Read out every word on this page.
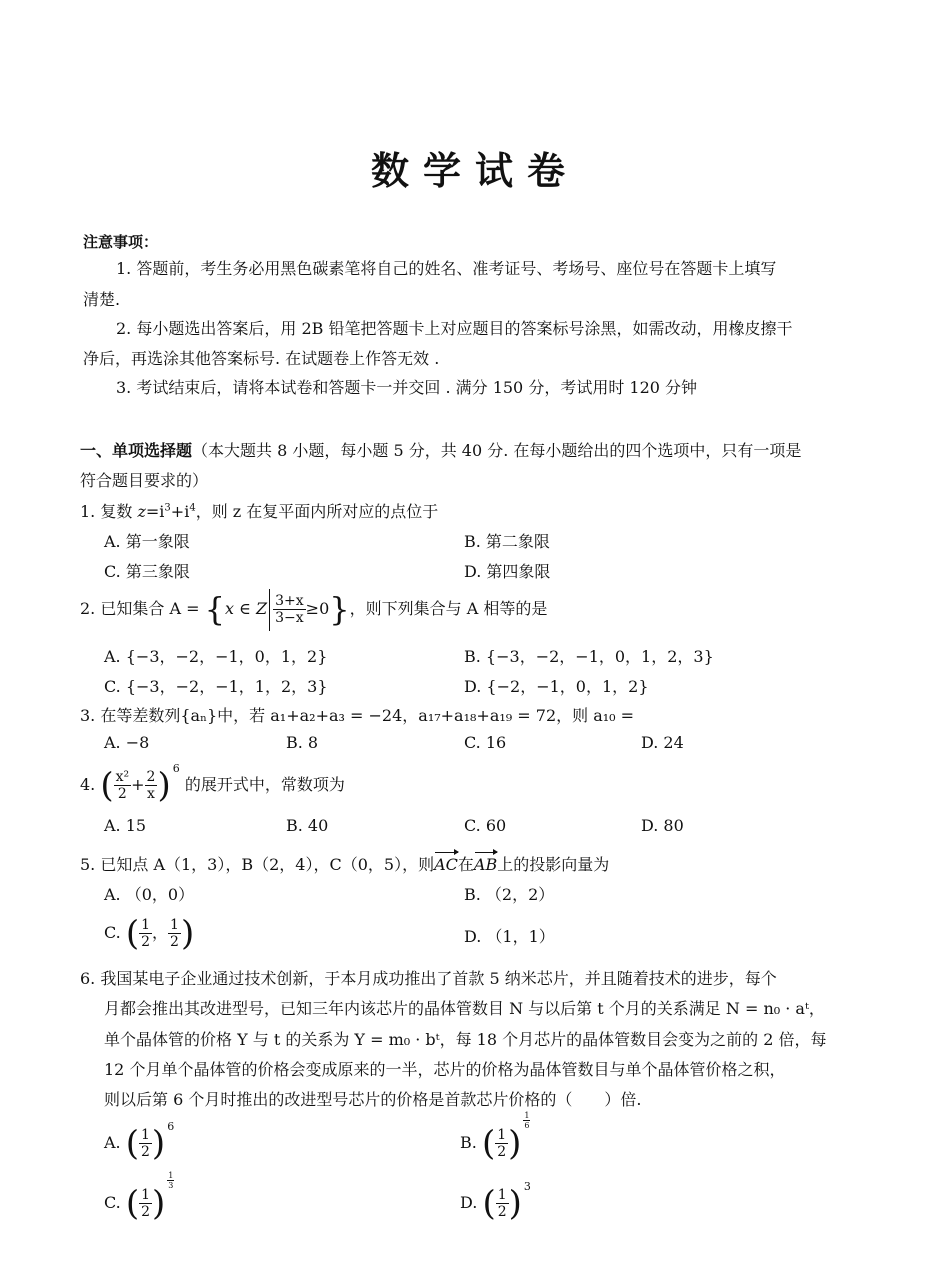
数学试卷
注意事项：
1. 答题前，考生务必用黑色碳素笔将自己的姓名、准考证号、考场号、座位号在答题卡上填写
清楚.
2. 每小题选出答案后，用 2B 铅笔把答题卡上对应题目的答案标号涂黑，如需改动，用橡皮擦干
净后，再选涂其他答案标号. 在试题卷上作答无效 .
3. 考试结束后，请将本试卷和答题卡一并交回 . 满分 150 分，考试用时 120 分钟
一、单项选择题（本大题共 8 小题，每小题 5 分，共 40 分. 在每小题给出的四个选项中，只有一项是
符合题目要求的）
1. 复数 $z=i^3+i^4$，则 z 在复平面内所对应的点位于
A. 第一象限	B. 第二象限
C. 第三象限	D. 第四象限
2. 已知集合 A = {x ∈ Z $\frac{3+x}{3-x} \ge 0$}，则下列集合与 A 相等的是
A. {−3，−2，−1，0，1，2}	B. {−3，−2，−1，0，1，2，3}
C. {−3，−2，−1，1，2，3}	D. {−2，−1，0，1，2}
3. 在等差数列{aₙ}中，若 a₁+a₂+a₃ = −24，a₁₇+a₁₈+a₁₉ = 72，则 a₁₀ =
A. −8	B. 8	C. 16	D. 24
4. ( $\frac{\text{x²}}{2} + \frac{2}{x}$ ) $^6$ 的展开式中，常数项为
A. 15	B. 40	C. 60	D. 80
5. 已知点 A（1，3），B（2，4），C（0，5），则AC在AB上的投影向量为
A. （0，0）	B. （2，2）
C. ( $\frac{1}{2}$ ， $\frac{1}{2}$ )	D. （1，1）
6. 我国某电子企业通过技术创新，于本月成功推出了首款 5 纳米芯片，并且随着技术的进步，每个
月都会推出其改进型号，已知三年内该芯片的晶体管数目 N 与以后第 t 个月的关系满足 N = n₀ · aᵗ，
单个晶体管的价格 Y 与 t 的关系为 Y = m₀ · bᵗ，每 18 个月芯片的晶体管数目会变为之前的 2 倍，每
12 个月单个晶体管的价格会变成原来的一半，芯片的价格为晶体管数目与单个晶体管价格之积，
则以后第 6 个月时推出的改进型号芯片的价格是首款芯片价格的（　　）倍.
A. ( $\frac{1}{2}$ ) $^6$
B. ( $\frac{1}{2}$ )
$\frac{1}{6}$
C. ( $\frac{1}{2}$ )
$\frac{1}{3}$
D. ( $\frac{1}{2}$ ) $^3$
